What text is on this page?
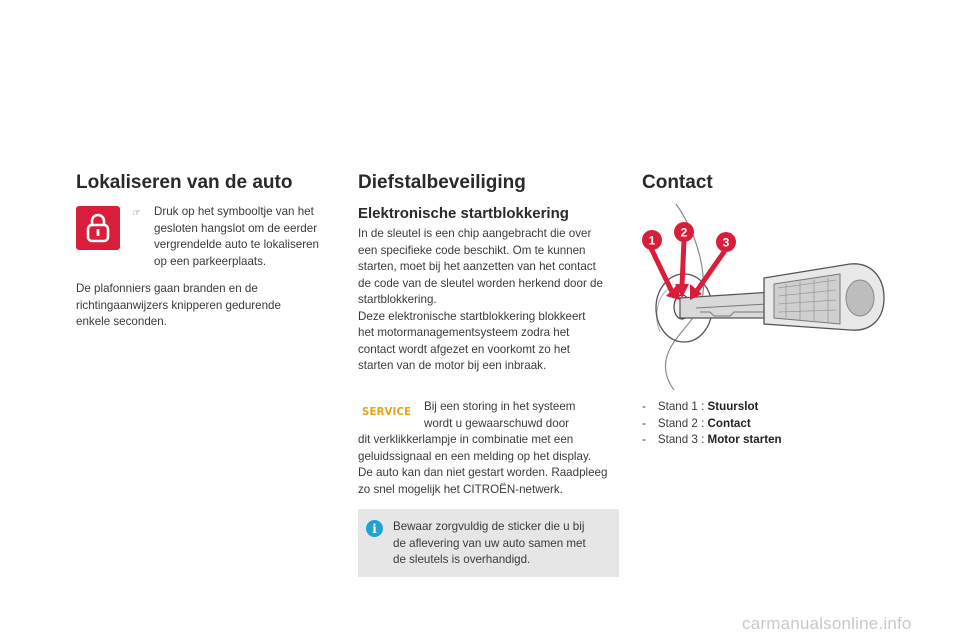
Lokaliseren van de auto
☞ Druk op het symbooltje van het
gesloten hangslot om de eerder
vergrendelde auto te lokaliseren
op een parkeerplaats.
De plafonniers gaan branden en de
richtingaanwijzers knipperen gedurende
enkele seconden.
Diefstalbeveiliging
Elektronische startblokkering
In de sleutel is een chip aangebracht die over
een specifieke code beschikt. Om te kunnen
starten, moet bij het aanzetten van het contact
de code van de sleutel worden herkend door de
startblokkering.
Deze elektronische startblokkering blokkeert
het motormanagementsysteem zodra het
contact wordt afgezet en voorkomt zo het
starten van de motor bij een inbraak.
SERVICE Bij een storing in het systeem
wordt u gewaarschuwd door
dit verklikkerlampje in combinatie met een
geluidssignaal en een melding op het display.
De auto kan dan niet gestart worden. Raadpleeg
zo snel mogelijk het CITROËN-netwerk.
i	Bewaar zorgvuldig de sticker die u bij
de aflevering van uw auto samen met
de sleutels is overhandigd.
Contact
1
2
3
- Stand 1 : Stuurslot
- Stand 2 : Contact
- Stand 3 : Motor starten
carmanualsonline.info
